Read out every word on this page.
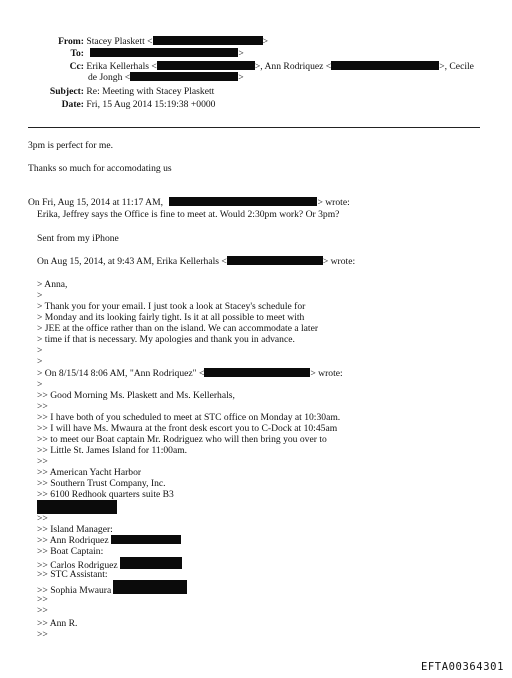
From: Stacey Plaskett <	>
To:	>
Cc: Erika Kellerhals <	>, Ann Rodriquez <	>, Cecile
de Jongh <	>
Subject: Re: Meeting with Stacey Plaskett
Date: Fri, 15 Aug 2014 15:19:38 +0000
3pm is perfect for me.
Thanks so much for accomodating us
On Fri, Aug 15, 2014 at 11:17 AM,	> wrote:
Erika, Jeffrey says the Office is fine to meet at. Would 2:30pm work? Or 3pm?
Sent from my iPhone
On Aug 15, 2014, at 9:43 AM, Erika Kellerhals <	> wrote:
> Anna,
>
> Thank you for your email. I just took a look at Stacey's schedule for
> Monday and its looking fairly tight. Is it at all possible to meet with
> JEE at the office rather than on the island. We can accommodate a later
> time if that is necessary. My apologies and thank you in advance.
>
>
> On 8/15/14 8:06 AM, "Ann Rodriquez" <	> wrote:
>
>> Good Morning Ms. Plaskett and Ms. Kellerhals,
>>
>> I have both of you scheduled to meet at STC office on Monday at 10:30am.
>> I will have Ms. Mwaura at the front desk escort you to C-Dock at 10:45am
>> to meet our Boat captain Mr. Rodriguez who will then bring you over to
>> Little St. James Island for 11:00am.
>>
>> American Yacht Harbor
>> Southern Trust Company, Inc.
>> 6100 Redhook quarters suite B3
>>
>> Island Manager:
>> Ann Rodriquez
>> Boat Captain:
>> Carlos Rodriguez
>> STC Assistant:
>> Sophia Mwaura
>>
>>
>> Ann R.
>>
EFTA00364301
